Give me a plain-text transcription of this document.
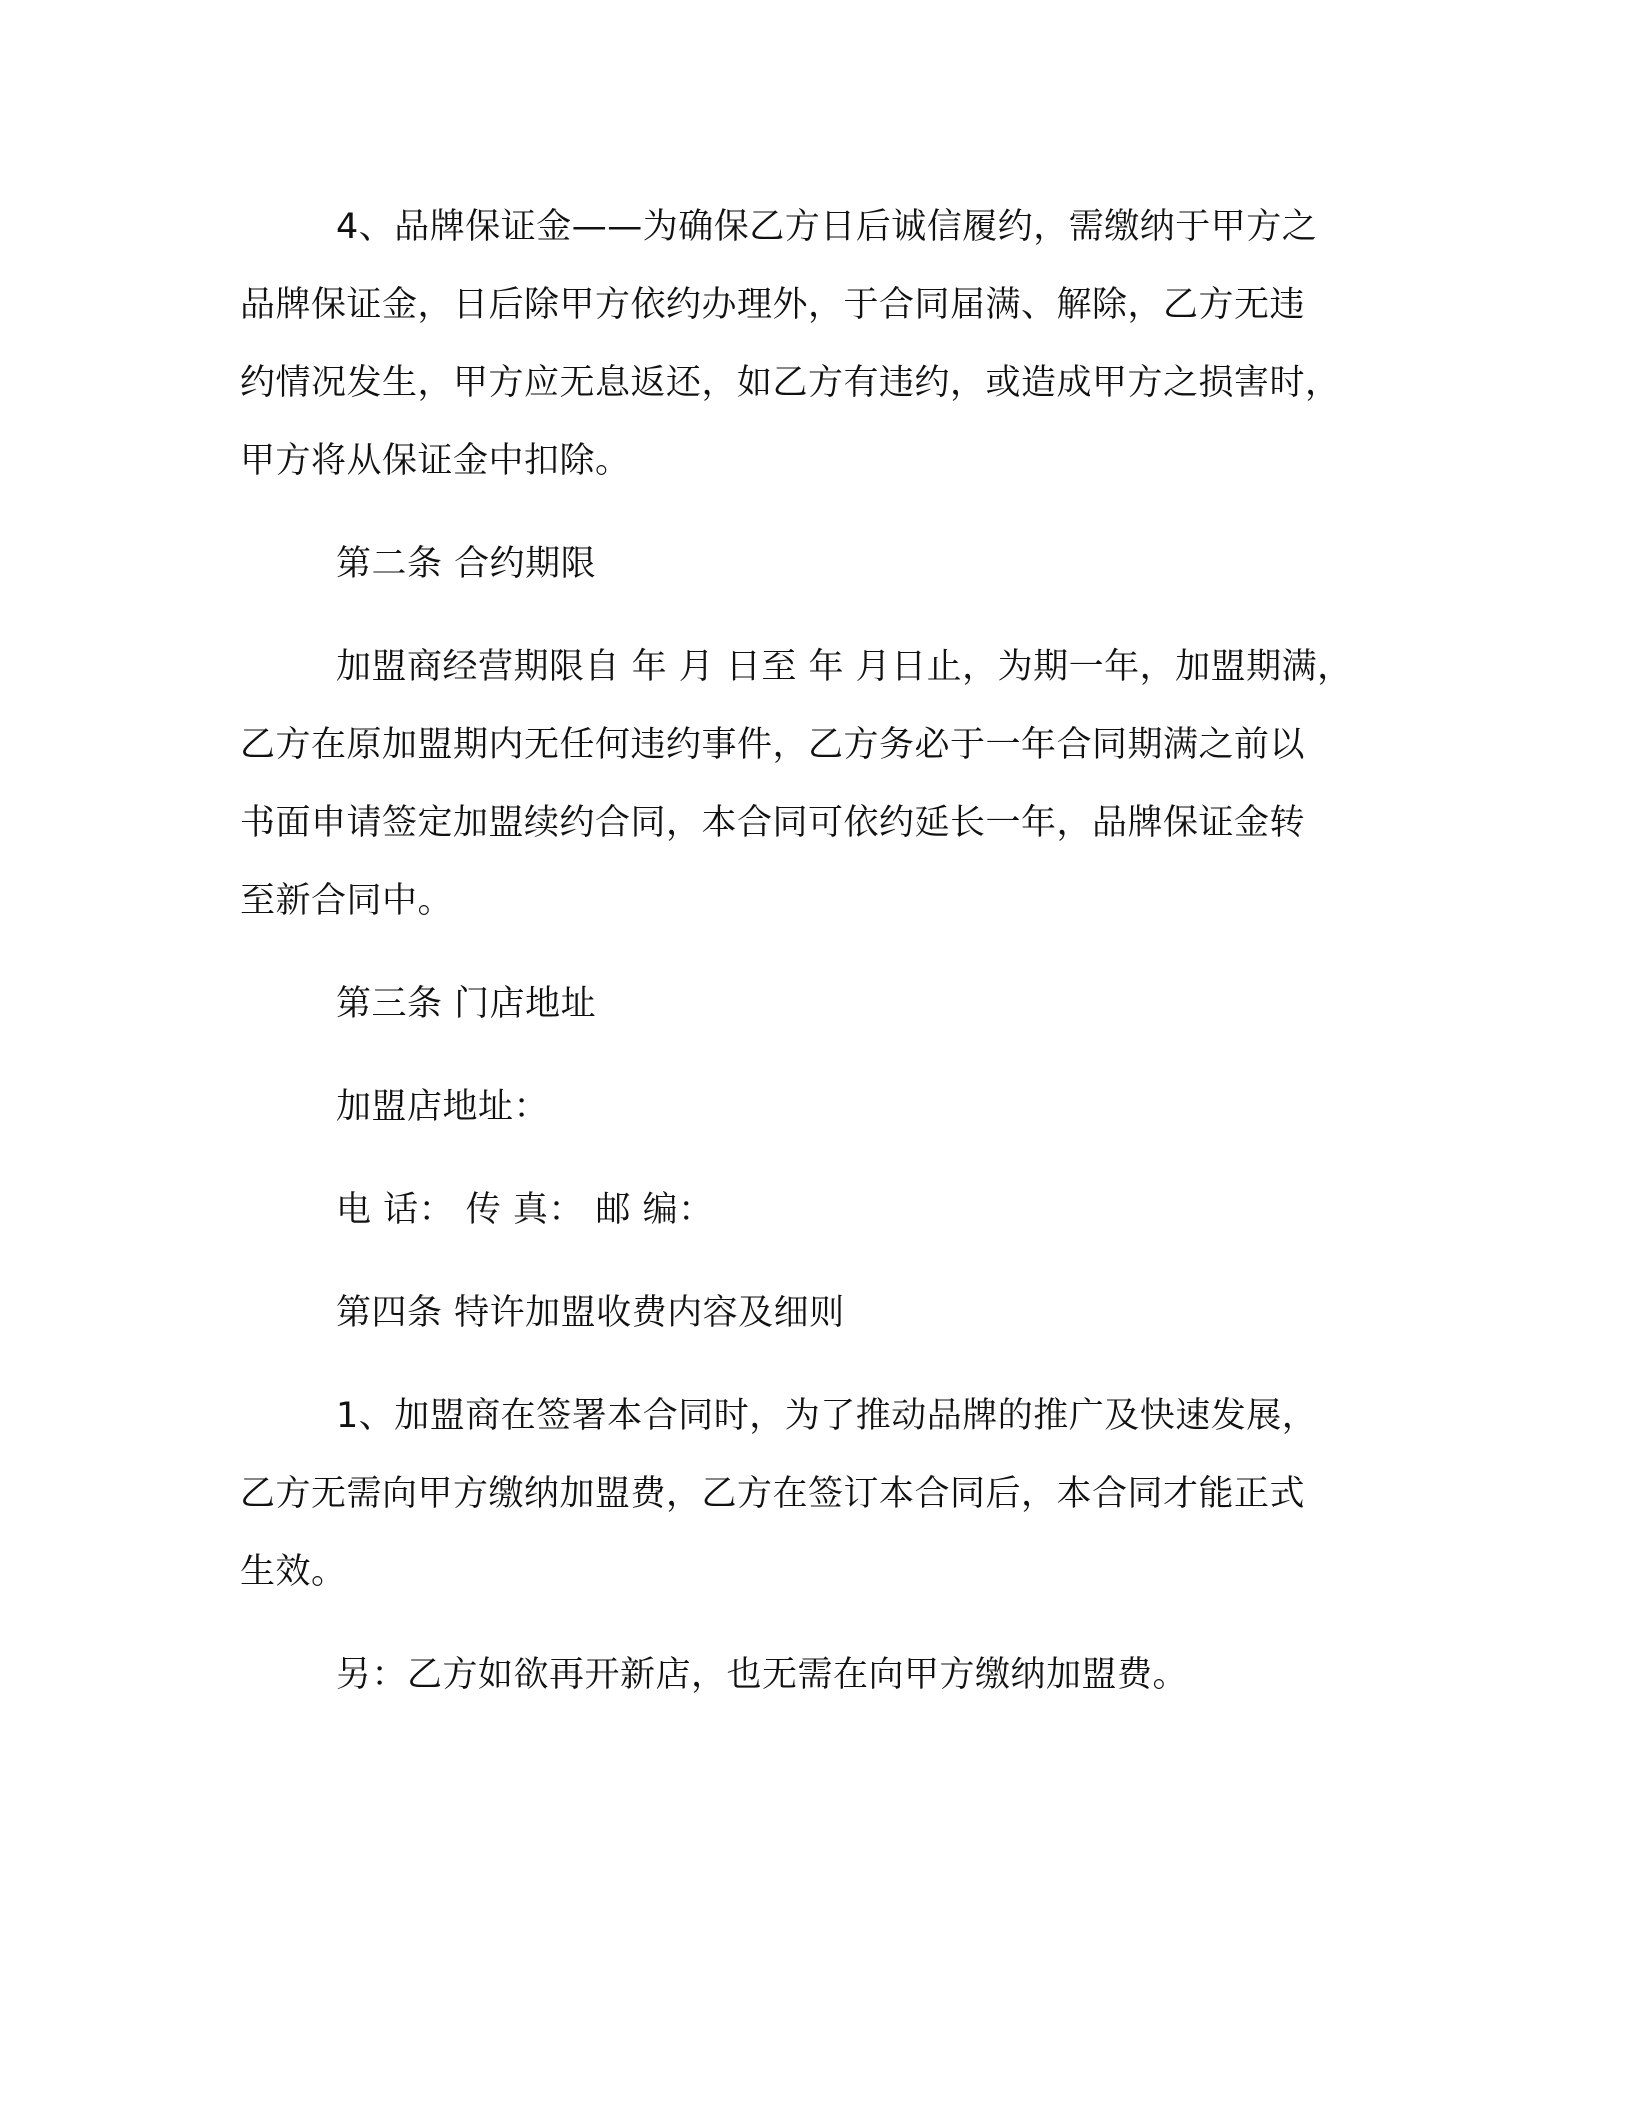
4、品牌保证金——为确保乙方日后诚信履约，需缴纳于甲方之
品牌保证金，日后除甲方依约办理外，于合同届满、解除，乙方无违
约情况发生，甲方应无息返还，如乙方有违约，或造成甲方之损害时，
甲方将从保证金中扣除。

第二条 合约期限

加盟商经营期限自 年 月 日至 年 月日止，为期一年，加盟期满，
乙方在原加盟期内无任何违约事件，乙方务必于一年合同期满之前以
书面申请签定加盟续约合同，本合同可依约延长一年，品牌保证金转
至新合同中。

第三条 门店地址

加盟店地址：

电 话： 传 真： 邮 编：

第四条 特许加盟收费内容及细则

1、加盟商在签署本合同时，为了推动品牌的推广及快速发展，
乙方无需向甲方缴纳加盟费，乙方在签订本合同后，本合同才能正式
生效。

另：乙方如欲再开新店，也无需在向甲方缴纳加盟费。
